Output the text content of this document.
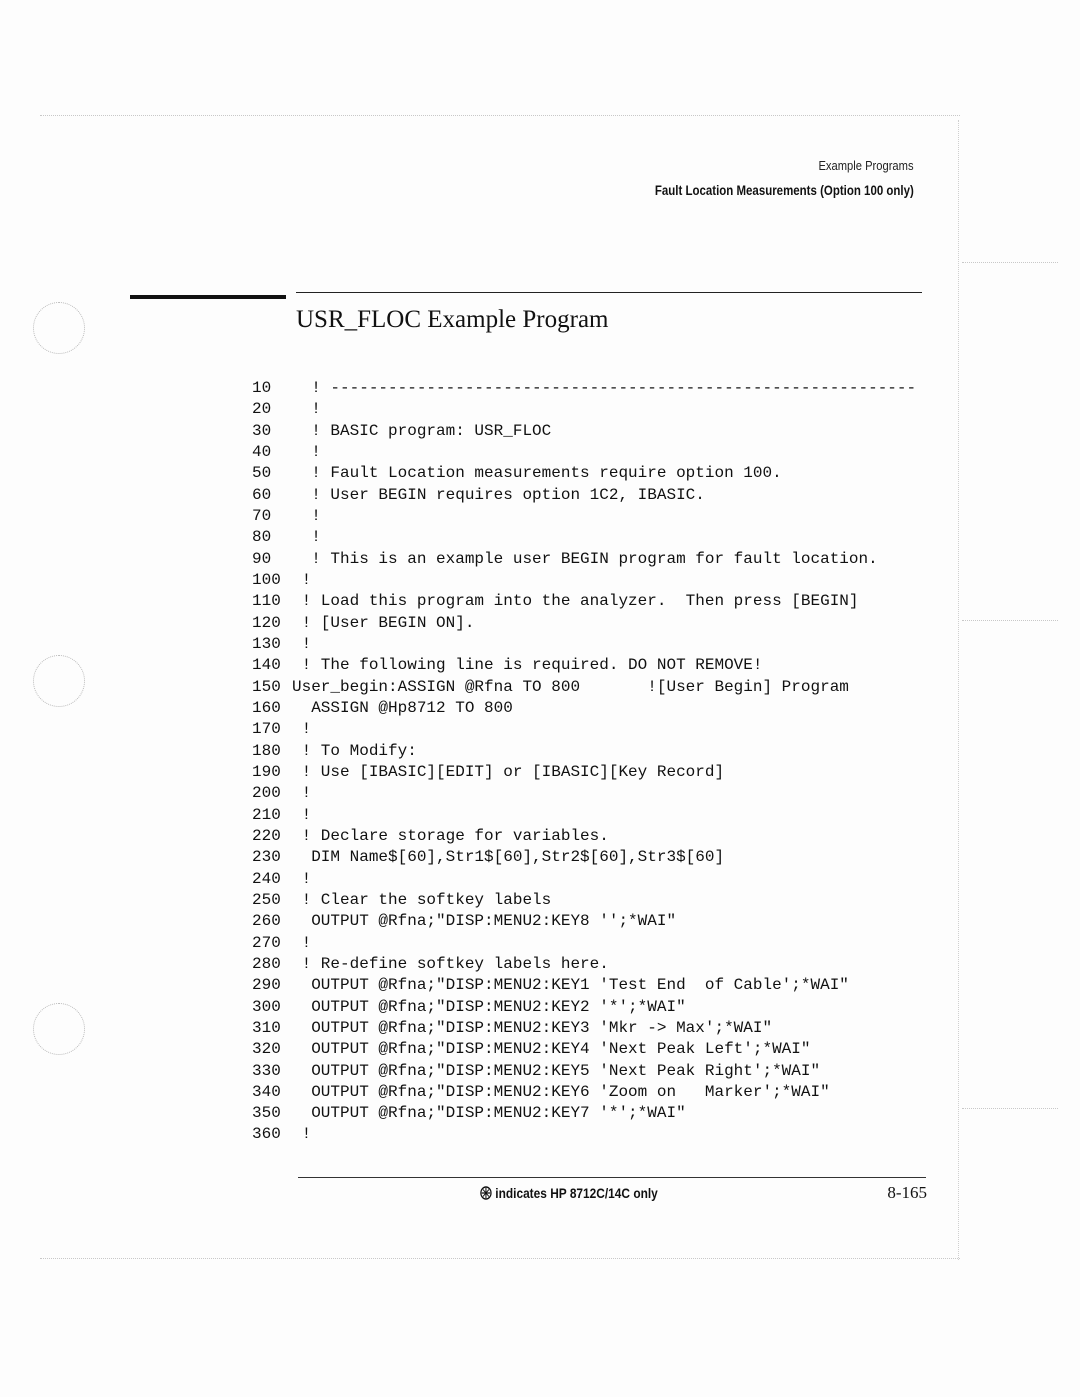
Example Programs
Fault Location Measurements (Option 100 only)
USR_FLOC Example Program
10  ! -------------------------------------------------------------
20  !
30  ! BASIC program: USR_FLOC
40  !
50  ! Fault Location measurements require option 100.
60  ! User BEGIN requires option 1C2, IBASIC.
70  !
80  !
90  ! This is an example user BEGIN program for fault location.
100 !
110 ! Load this program into the analyzer.  Then press [BEGIN]
120 ! [User BEGIN ON].
130 !
140 ! The following line is required. DO NOT REMOVE!
150 User_begin:ASSIGN @Rfna TO 800       ![User Begin] Program
160  ASSIGN @Hp8712 TO 800
170 !
180 ! To Modify:
190 ! Use [IBASIC][EDIT] or [IBASIC][Key Record]
200 !
210 !
220 ! Declare storage for variables.
230  DIM Name$[60],Str1$[60],Str2$[60],Str3$[60]
240 !
250 ! Clear the softkey labels
260  OUTPUT @Rfna;"DISP:MENU2:KEY8 '';*WAI"
270 !
280 ! Re-define softkey labels here.
290  OUTPUT @Rfna;"DISP:MENU2:KEY1 'Test End  of Cable';*WAI"
300  OUTPUT @Rfna;"DISP:MENU2:KEY2 '*';*WAI"
310  OUTPUT @Rfna;"DISP:MENU2:KEY3 'Mkr -> Max';*WAI"
320  OUTPUT @Rfna;"DISP:MENU2:KEY4 'Next Peak Left';*WAI"
330  OUTPUT @Rfna;"DISP:MENU2:KEY5 'Next Peak Right';*WAI"
340  OUTPUT @Rfna;"DISP:MENU2:KEY6 'Zoom on   Marker';*WAI"
350  OUTPUT @Rfna;"DISP:MENU2:KEY7 '*';*WAI"
360 !
indicates HP 8712C/14C only	8-165
